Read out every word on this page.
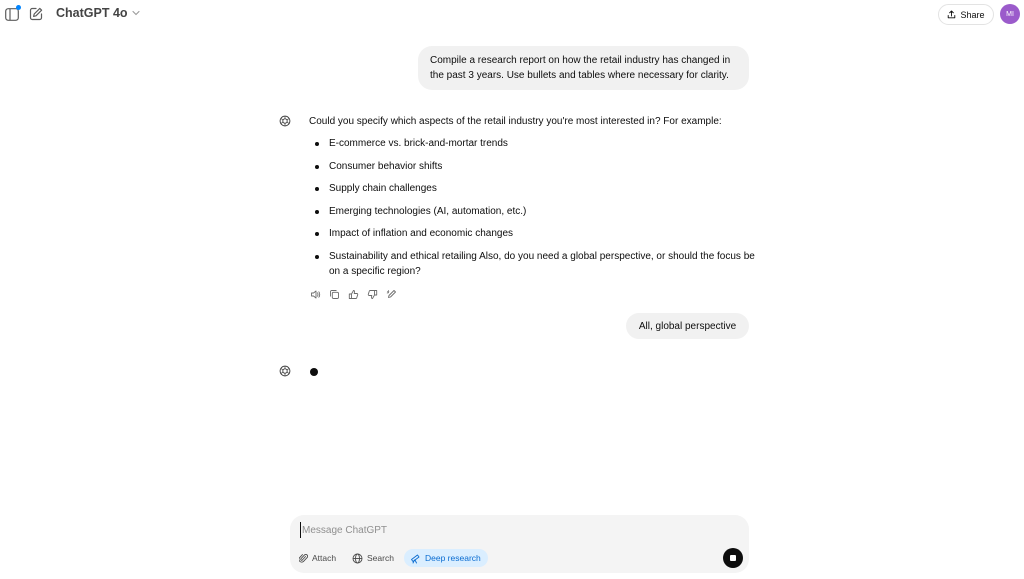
ChatGPT 4o	Share	MI
Compile a research report on how the retail industry has changed in the past 3 years. Use bullets and tables where necessary for clarity.

Could you specify which aspects of the retail industry you're most interested in? For example:

E-commerce vs. brick-and-mortar trends
Consumer behavior shifts
Supply chain challenges
Emerging technologies (AI, automation, etc.)
Impact of inflation and economic changes
Sustainability and ethical retailing Also, do you need a global perspective, or should the focus be on a specific region?
All, global perspective
Message ChatGPT
Attach	Search	Deep research
